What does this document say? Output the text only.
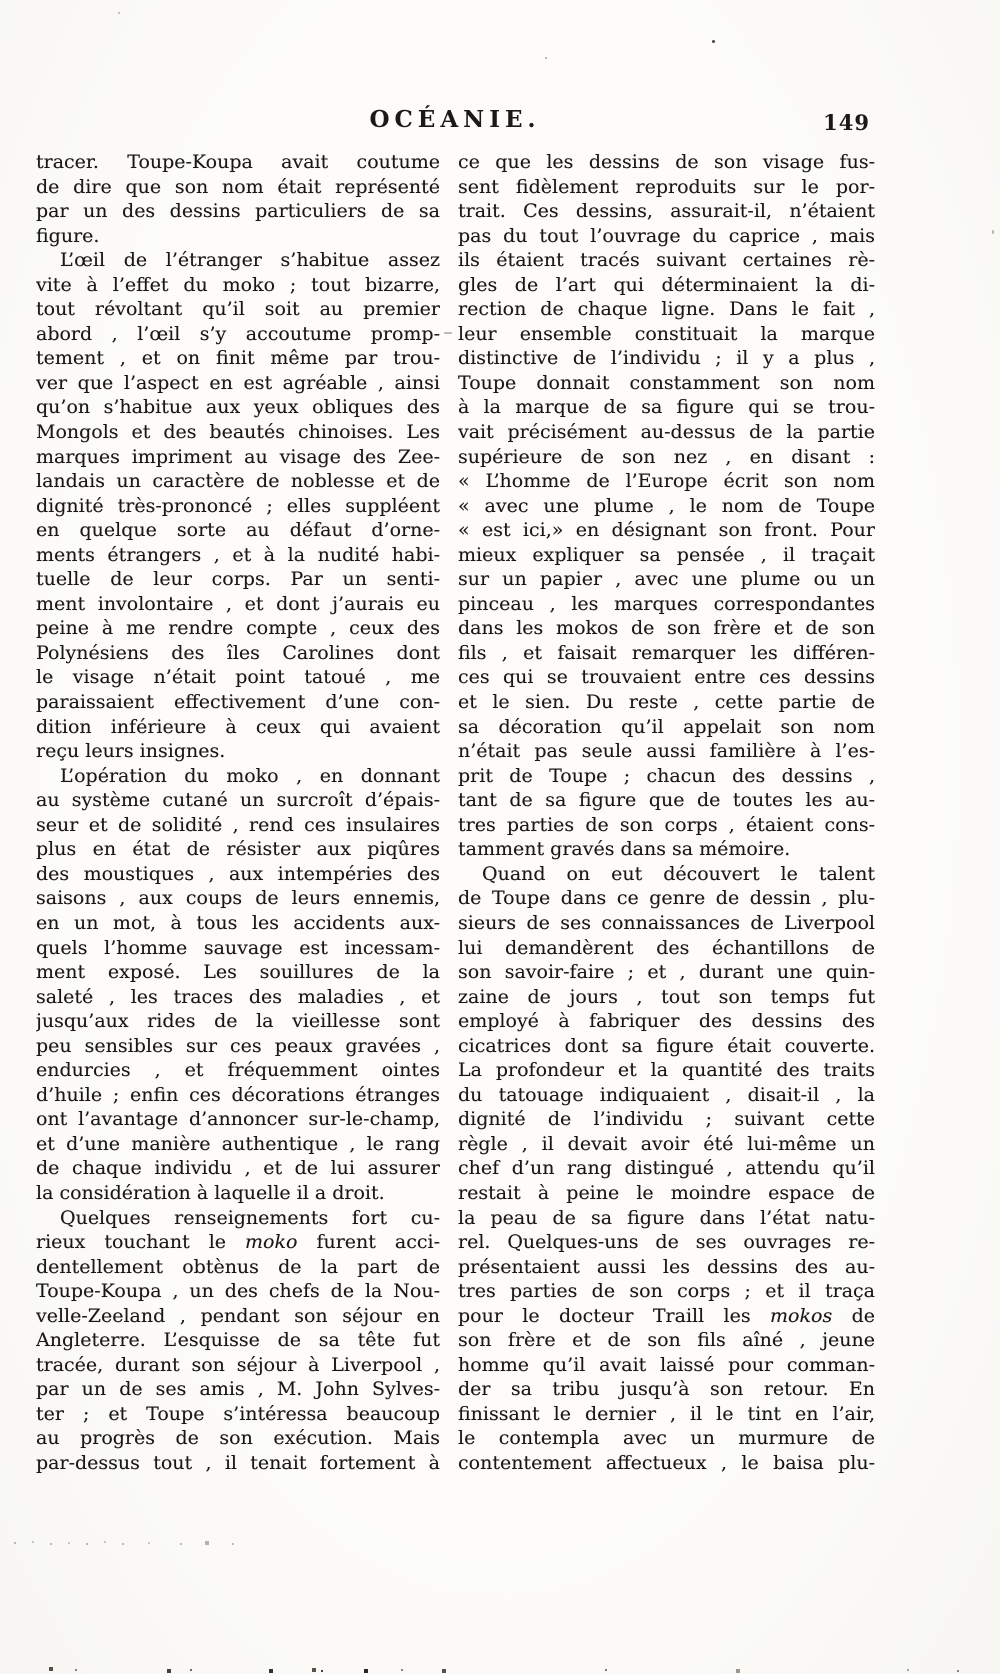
OCÉANIE.	149
tracer. Toupe-Koupa avait coutume
de dire que son nom était représenté
par un des dessins particuliers de sa
figure.
L’œil de l’étranger s’habitue assez
vite à l’effet du moko ; tout bizarre,
tout révoltant qu’il soit au premier
abord , l’œil s’y accoutume promp-
tement , et on finit même par trou-
ver que l’aspect en est agréable , ainsi
qu’on s’habitue aux yeux obliques des
Mongols et des beautés chinoises. Les
marques impriment au visage des Zee-
landais un caractère de noblesse et de
dignité très-prononcé ; elles suppléent
en quelque sorte au défaut d’orne-
ments étrangers , et à la nudité habi-
tuelle de leur corps. Par un senti-
ment involontaire , et dont j’aurais eu
peine à me rendre compte , ceux des
Polynésiens des îles Carolines dont
le visage n’était point tatoué , me
paraissaient effectivement d’une con-
dition inférieure à ceux qui avaient
reçu leurs insignes.
L’opération du moko , en donnant
au système cutané un surcroît d’épais-
seur et de solidité , rend ces insulaires
plus en état de résister aux piqûres
des moustiques , aux intempéries des
saisons , aux coups de leurs ennemis,
en un mot, à tous les accidents aux-
quels l’homme sauvage est incessam-
ment exposé. Les souillures de la
saleté , les traces des maladies , et
jusqu’aux rides de la vieillesse sont
peu sensibles sur ces peaux gravées ,
endurcies , et fréquemment ointes
d’huile ; enfin ces décorations étranges
ont l’avantage d’annoncer sur-le-champ,
et d’une manière authentique , le rang
de chaque individu , et de lui assurer
la considération à laquelle il a droit.
Quelques renseignements fort cu-
rieux touchant le moko furent acci-
dentellement obtènus de la part de
Toupe-Koupa , un des chefs de la Nou-
velle-Zeeland , pendant son séjour en
Angleterre. L’esquisse de sa tête fut
tracée, durant son séjour à Liverpool ,
par un de ses amis , M. John Sylves-
ter ; et Toupe s’intéressa beaucoup
au progrès de son exécution. Mais
par-dessus tout , il tenait fortement à
ce que les dessins de son visage fus-
sent fidèlement reproduits sur le por-
trait. Ces dessins, assurait-il, n’étaient
pas du tout l’ouvrage du caprice , mais
ils étaient tracés suivant certaines rè-
gles de l’art qui déterminaient la di-
rection de chaque ligne. Dans le fait ,
leur ensemble constituait la marque
distinctive de l’individu ; il y a plus ,
Toupe donnait constamment son nom
à la marque de sa figure qui se trou-
vait précisément au-dessus de la partie
supérieure de son nez , en disant :
« L’homme de l’Europe écrit son nom
« avec une plume , le nom de Toupe
« est ici,» en désignant son front. Pour
mieux expliquer sa pensée , il traçait
sur un papier , avec une plume ou un
pinceau , les marques correspondantes
dans les mokos de son frère et de son
fils , et faisait remarquer les différen-
ces qui se trouvaient entre ces dessins
et le sien. Du reste , cette partie de
sa décoration qu’il appelait son nom
n’était pas seule aussi familière à l’es-
prit de Toupe ; chacun des dessins ,
tant de sa figure que de toutes les au-
tres parties de son corps , étaient cons-
tamment gravés dans sa mémoire.
Quand on eut découvert le talent
de Toupe dans ce genre de dessin , plu-
sieurs de ses connaissances de Liverpool
lui demandèrent des échantillons de
son savoir-faire ; et , durant une quin-
zaine de jours , tout son temps fut
employé à fabriquer des dessins des
cicatrices dont sa figure était couverte.
La profondeur et la quantité des traits
du tatouage indiquaient , disait-il , la
dignité de l’individu ; suivant cette
règle , il devait avoir été lui-même un
chef d’un rang distingué , attendu qu’il
restait à peine le moindre espace de
la peau de sa figure dans l’état natu-
rel. Quelques-uns de ses ouvrages re-
présentaient aussi les dessins des au-
tres parties de son corps ; et il traça
pour le docteur Traill les mokos de
son frère et de son fils aîné , jeune
homme qu’il avait laissé pour comman-
der sa tribu jusqu’à son retour. En
finissant le dernier , il le tint en l’air,
le contempla avec un murmure de
contentement affectueux , le baisa plu-
